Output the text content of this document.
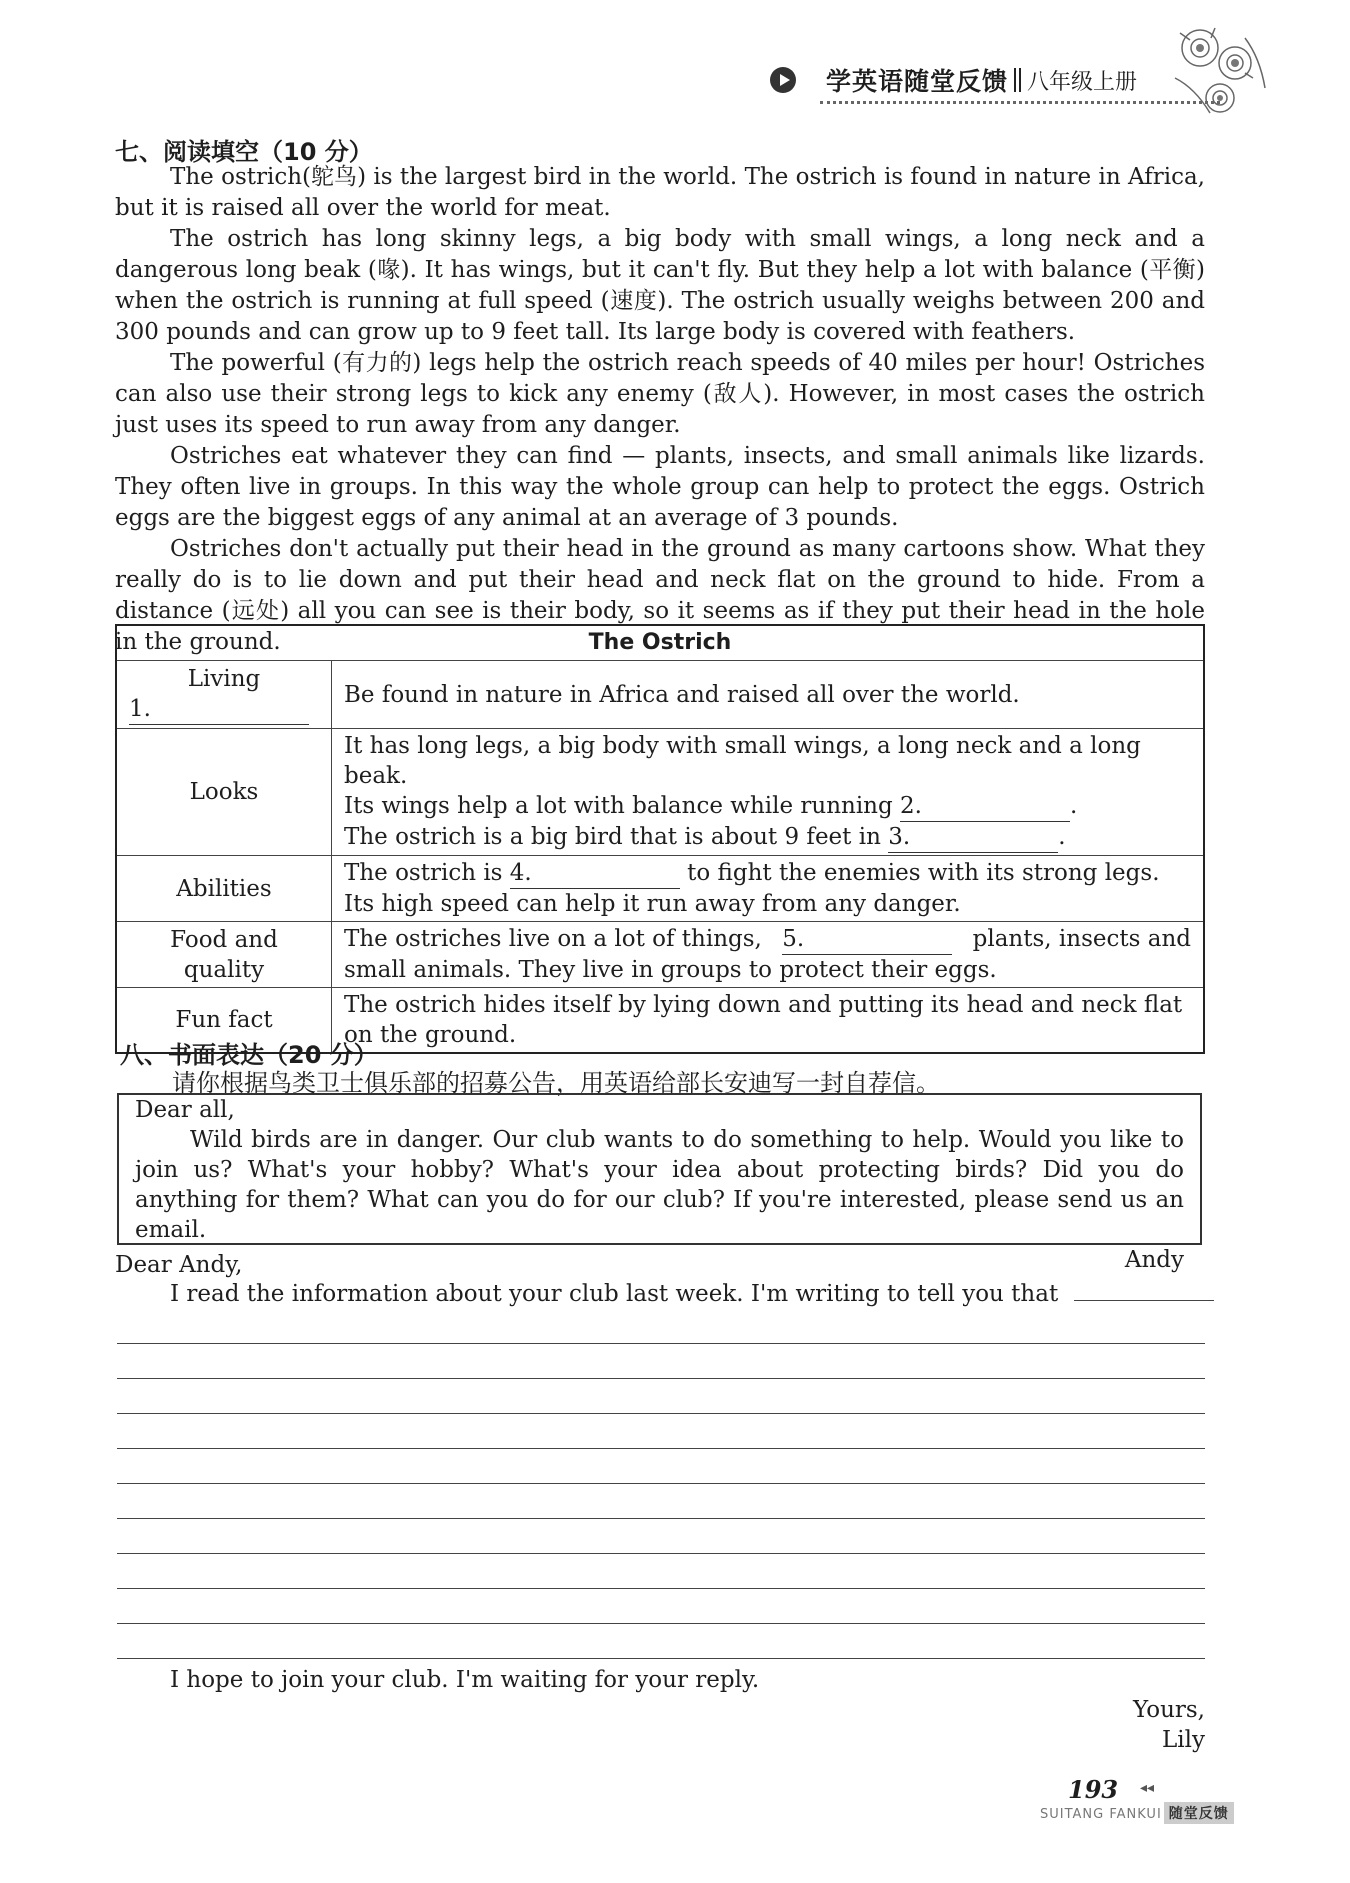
学英语随堂反馈 八年级上册
七、阅读填空（10 分）

The ostrich(鸵鸟) is the largest bird in the world. The ostrich is found in nature in Africa, but it is raised all over the world for meat.

The ostrich has long skinny legs, a big body with small wings, a long neck and a dangerous long beak (喙). It has wings, but it can't fly. But they help a lot with balance (平衡) when the ostrich is running at full speed (速度). The ostrich usually weighs between 200 and 300 pounds and can grow up to 9 feet tall. Its large body is covered with feathers.

The powerful (有力的) legs help the ostrich reach speeds of 40 miles per hour! Ostriches can also use their strong legs to kick any enemy (敌人). However, in most cases the ostrich just uses its speed to run away from any danger.

Ostriches eat whatever they can find — plants, insects, and small animals like lizards. They often live in groups. In this way the whole group can help to protect the eggs. Ostrich eggs are the biggest eggs of any animal at an average of 3 pounds.

Ostriches don't actually put their head in the ground as many cartoons show. What they really do is to lie down and put their head and neck flat on the ground to hide. From a distance (远处) all you can see is their body, so it seems as if they put their head in the hole in the ground.	The Ostrich	

Living
1.	Be found in nature in Africa and raised all over the world.
Looks	It has long legs, a big body with small wings, a long neck and a long beak.
Its wings help a lot with balance while running 2. .
The ostrich is a big bird that is about 9 feet in 3. .

Abilities	The ostrich is 4. to fight the enemies with its strong legs.
Its high speed can help it run away from any danger.

Food and quality	The ostriches live on a lot of things, 5. plants, insects and
small animals. They live in groups to protect their eggs.

Fun fact	The ostrich hides itself by lying down and putting its head and neck flat on the ground.
八、书面表达（20 分）
请你根据鸟类卫士俱乐部的招募公告，用英语给部长安迪写一封自荐信。

Dear all,

Wild birds are in danger. Our club wants to do something to help. Would you like to join us? What's your hobby? What's your idea about protecting birds? Did you do anything for them? What can you do for our club? If you're interested, please send us an email.

Andy

Dear Andy,
I read the information about your club last week. I'm writing to tell you that
I hope to join your club. I'm waiting for your reply.
Yours,
Lily
193 ◂◂
SUITANG FANKUI 随堂反馈
